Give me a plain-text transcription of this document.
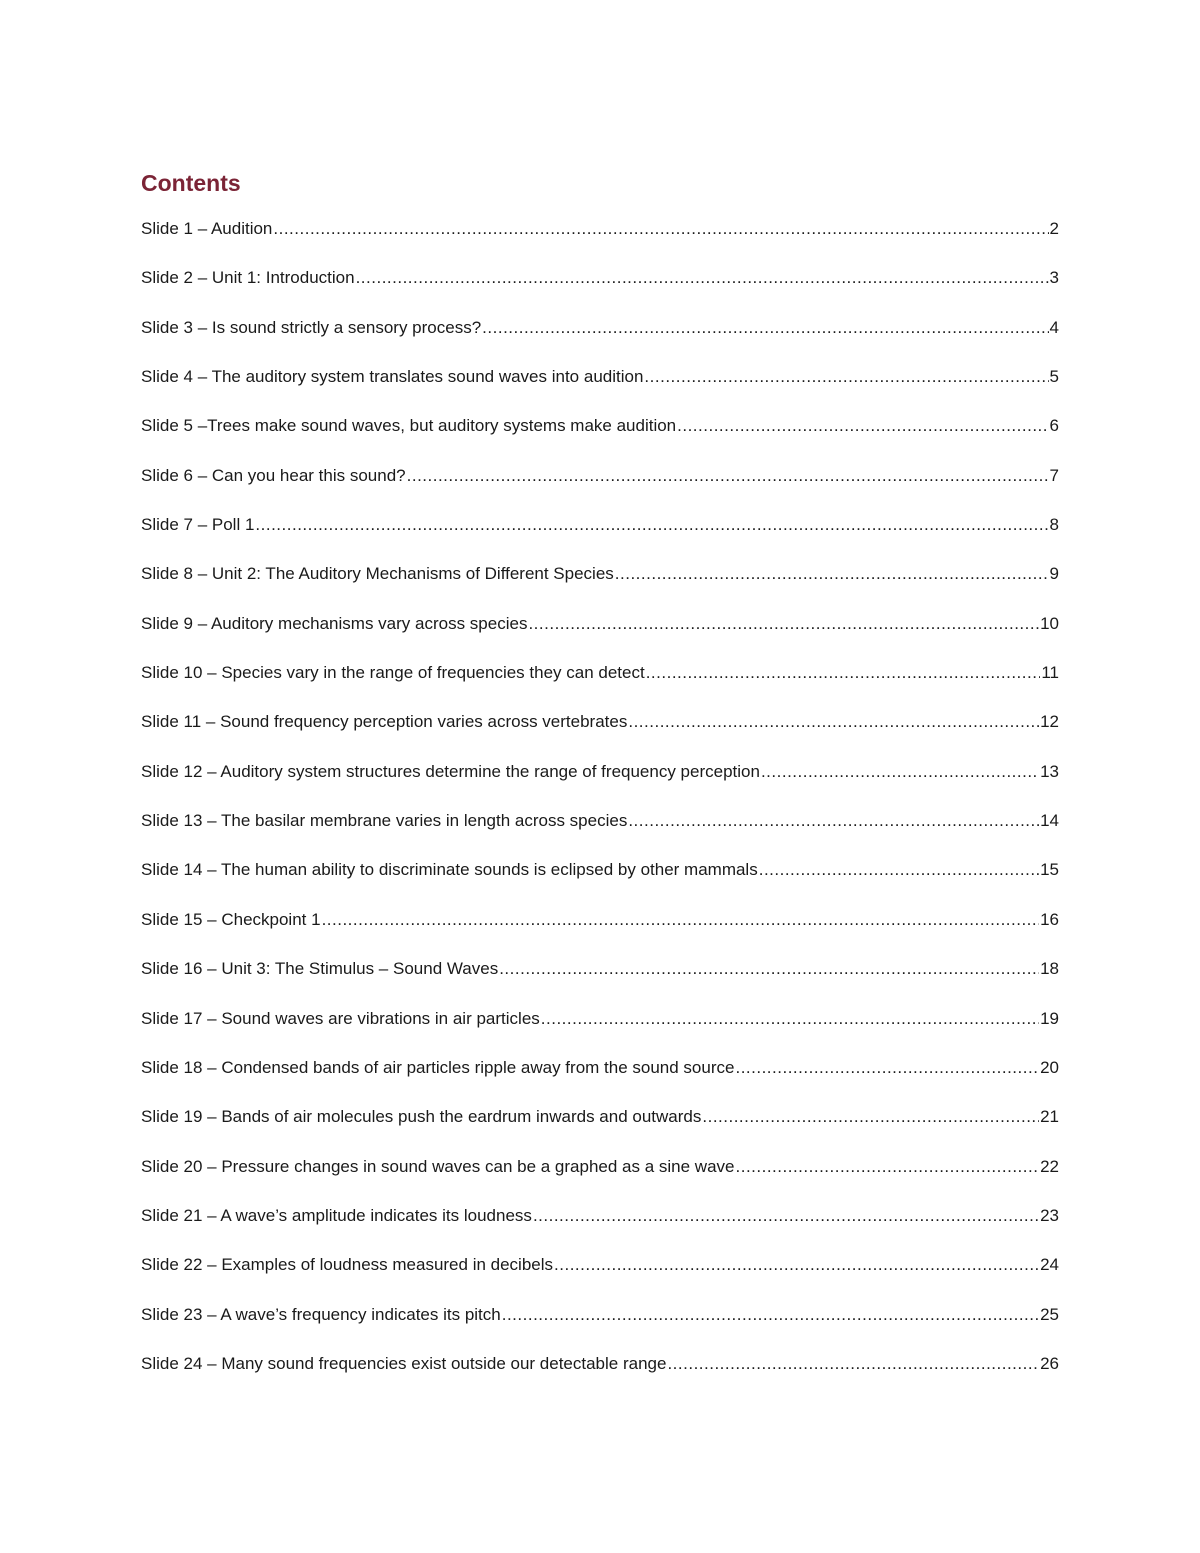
Contents
Slide 1 – Audition .....	2
Slide 2 – Unit 1: Introduction .....	3
Slide 3 – Is sound strictly a sensory process? .....	4
Slide 4 – The auditory system translates sound waves into audition .....	5
Slide 5 –Trees make sound waves, but auditory systems make audition .....	6
Slide 6 – Can you hear this sound? .....	7
Slide 7 – Poll 1 .....	8
Slide 8 – Unit 2: The Auditory Mechanisms of Different Species .....	9
Slide 9 – Auditory mechanisms vary across species .....	10
Slide 10 – Species vary in the range of frequencies they can detect .....	11
Slide 11 – Sound frequency perception varies across vertebrates .....	12
Slide 12 – Auditory system structures determine the range of frequency perception .....	13
Slide 13 – The basilar membrane varies in length across species .....	14
Slide 14 – The human ability to discriminate sounds is eclipsed by other mammals .....	15
Slide 15 – Checkpoint 1 .....	16
Slide 16 – Unit 3: The Stimulus – Sound Waves .....	18
Slide 17 – Sound waves are vibrations in air particles .....	19
Slide 18 – Condensed bands of air particles ripple away from the sound source .....	20
Slide 19 – Bands of air molecules push the eardrum inwards and outwards .....	21
Slide 20 – Pressure changes in sound waves can be a graphed as a sine wave .....	22
Slide 21 – A wave’s amplitude indicates its loudness .....	23
Slide 22 – Examples of loudness measured in decibels .....	24
Slide 23 – A wave’s frequency indicates its pitch .....	25
Slide 24 – Many sound frequencies exist outside our detectable range .....	26
